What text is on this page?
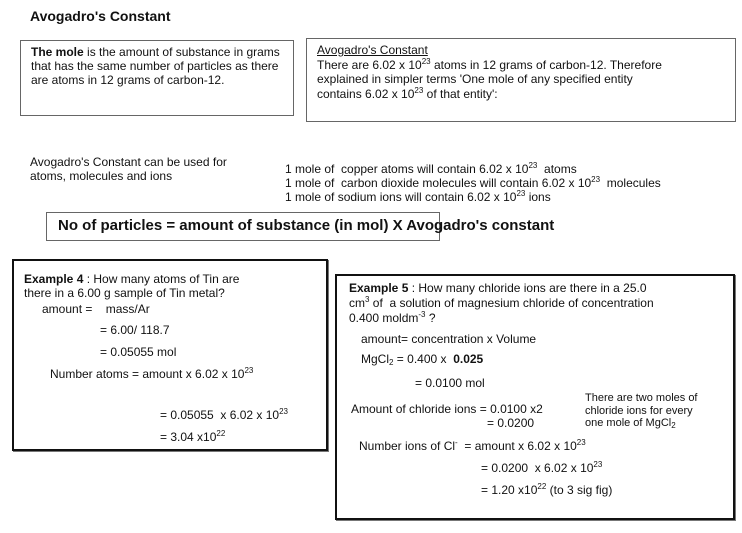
Avogadro's Constant
The mole is the amount of substance in grams that has the same number of particles as there are atoms in 12 grams of carbon-12.
Avogadro's Constant
There are 6.02 x $10^{23}$ atoms in 12 grams of carbon-12. Therefore
explained in simpler terms 'One mole of any specified entity
contains 6.02 x $10^{23}$ of that entity':
Avogadro's Constant can be used for atoms, molecules and ions	1 mole of  copper atoms will contain 6.02 x $10^{23}$  atoms
1 mole of  carbon dioxide molecules will contain 6.02 x $10^{23}$  molecules
1 mole of sodium ions will contain 6.02 x $10^{23}$ ions

No of particles = amount of substance (in mol) X Avogadro's constant
Example 4 : How many atoms of Tin are
there in a 6.00 g sample of Tin metal?
amount =    mass/Ar
= 6.00/ 118.7
= 0.05055 mol
Number atoms = amount x 6.02 x $10^{23}$
= 0.05055  x 6.02 x $10^{23}$
= 3.04 $x10^{22}$
Example 5 : How many chloride ions are there in a 25.0
$cm^3$ of  a solution of magnesium chloride of concentration
0.400 moldm$^{-3}$ ?
amount= concentration x Volume
MgCl$_2$ = 0.400 x  0.025
= 0.0100 mol
Amount of chloride ions = 0.0100 x2
= 0.0200
There are two moles of
chloride ions for every
one mole of MgCl$_2$
Number ions of Cl-  = amount x 6.02 x $10^{23}$
= 0.0200  x 6.02 x $10^{23}$
= 1.20 $x10^{22}$ (to 3 sig fig)
